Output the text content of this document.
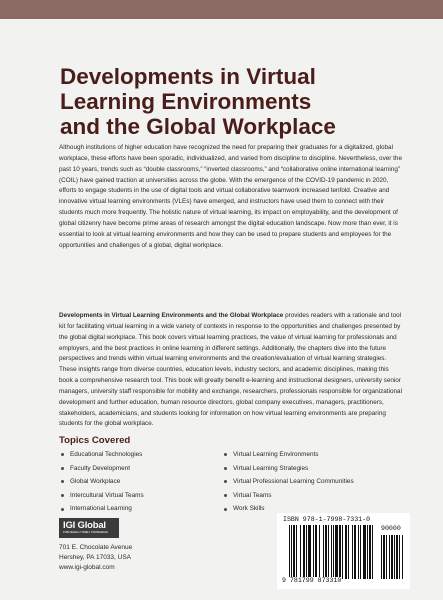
Developments in Virtual
Learning Environments
and the Global Workplace
Although institutions of higher education have recognized the need for preparing their graduates for a digitalized, global workplace, these efforts have been sporadic, individualized, and varied from discipline to discipline. Nevertheless, over the past 10 years, trends such as “double classrooms,” “inverted classrooms,” and “collaborative online international learning” (COIL) have gained traction at universities across the globe. With the emergence of the COVID-19 pandemic in 2020, efforts to engage students in the use of digital tools and virtual collaborative teamwork increased tenfold. Creative and innovative virtual learning environments (VLEs) have emerged, and instructors have used them to connect with their students much more frequently. The holistic nature of virtual learning, its impact on employability, and the development of global citizenry have become prime areas of research amongst the digital education landscape. Now more than ever, it is essential to look at virtual learning environments and how they can be used to prepare students and employees for the opportunities and challenges of a global, digital workplace.
Developments in Virtual Learning Environments and the Global Workplace provides readers with a rationale and tool kit for facilitating virtual learning in a wide variety of contexts in response to the opportunities and challenges presented by the global digital workplace. This book covers virtual learning practices, the value of virtual learning for professionals and employers, and the best practices in online learning in different settings. Additionally, the chapters dive into the future perspectives and trends within virtual learning environments and the creation/evaluation of virtual learning strategies. These insights range from diverse countries, education levels, industry sectors, and academic disciplines, making this book a comprehensive research tool. This book will greatly benefit e-learning and instructional designers, university senior managers, university staff responsible for mobility and exchange, researchers, professionals responsible for organizational development and further education, human resource directors, global company executives, managers, practitioners, stakeholders, academicians, and students looking for information on how virtual learning environments are preparing students for the global workplace.
Topics Covered
Educational Technologies
Faculty Development
Global Workplace
Intercultural Virtual Teams
International Learning
Virtual Learning Environments
Virtual Learning Strategies
Virtual Professional Learning Communities
Virtual Teams
Work Skills
IGI Global
PUBLISHER of TIMELY KNOWLEDGE
701 E. Chocolate Avenue
Hershey, PA 17033, USA
www.igi-global.com
ISBN 978-1-7998-7331-0
90000
9 781799 873310
